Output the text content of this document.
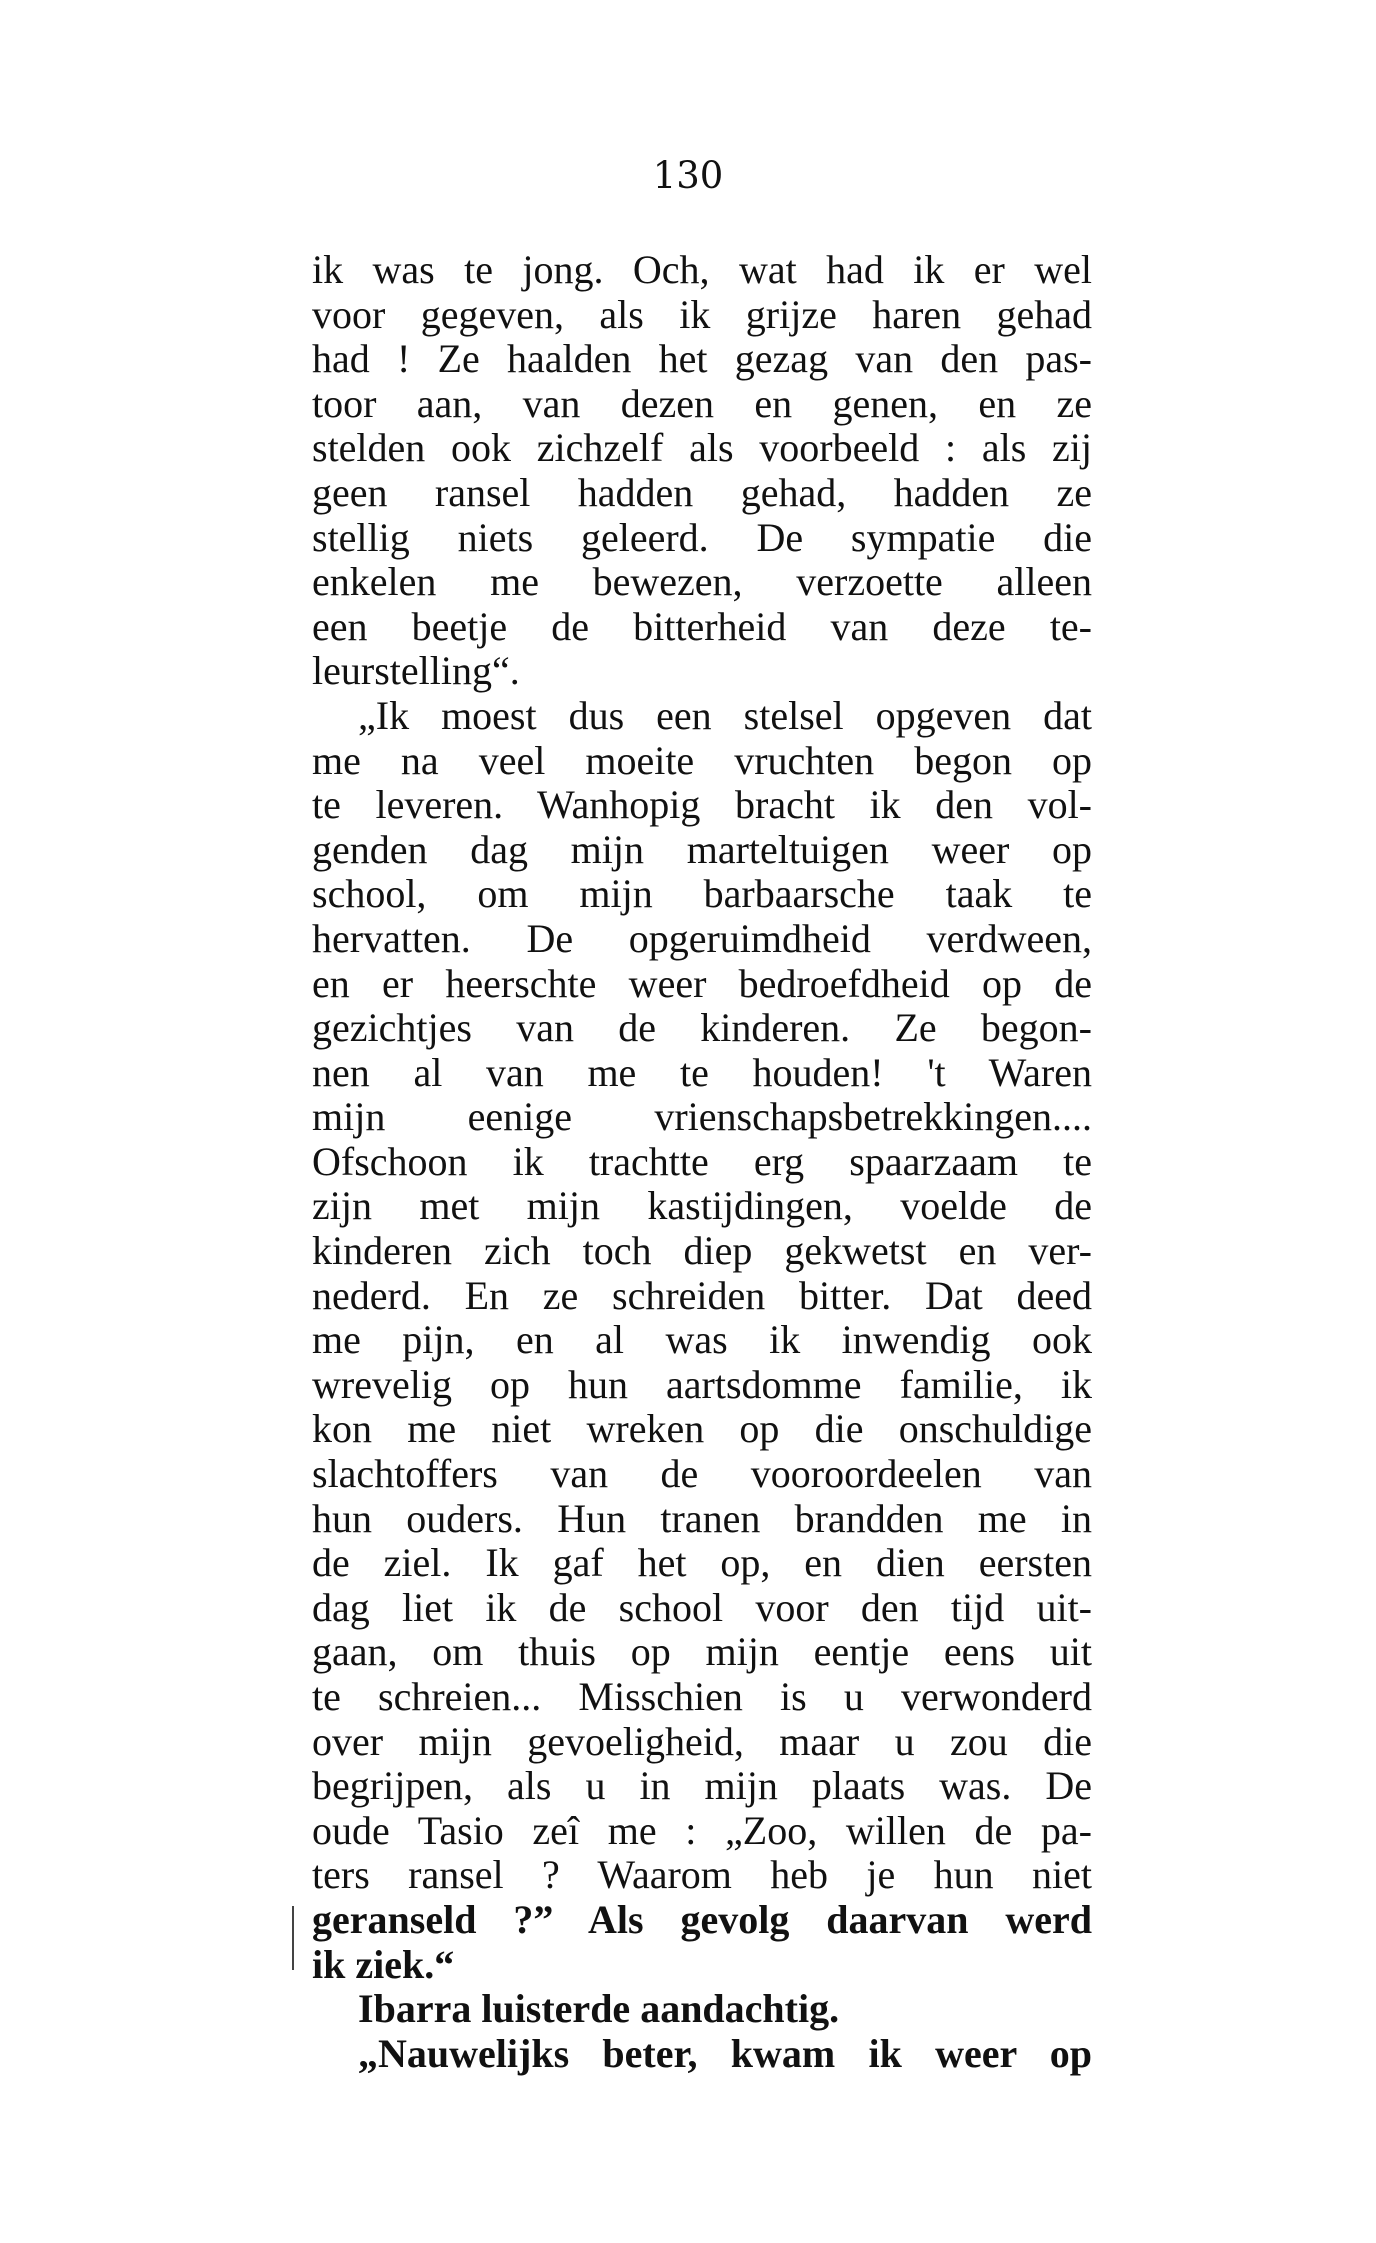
130
ik was te jong. Och, wat had ik er wel
voor gegeven, als ik grijze haren gehad
had ! Ze haalden het gezag van den pas-
toor aan, van dezen en genen, en ze
stelden ook zichzelf als voorbeeld : als zij
geen ransel hadden gehad, hadden ze
stellig niets geleerd. De sympatie die
enkelen me bewezen, verzoette alleen
een beetje de bitterheid van deze te-
leurstelling“.
„Ik moest dus een stelsel opgeven dat
me na veel moeite vruchten begon op
te leveren. Wanhopig bracht ik den vol-
genden dag mijn marteltuigen weer op
school, om mijn barbaarsche taak te
hervatten. De opgeruimdheid verdween,
en er heerschte weer bedroefdheid op de
gezichtjes van de kinderen. Ze begon-
nen al van me te houden! 't Waren
mijn eenige vrienschapsbetrekkingen....
Ofschoon ik trachtte erg spaarzaam te
zijn met mijn kastijdingen, voelde de
kinderen zich toch diep gekwetst en ver-
nederd. En ze schreiden bitter. Dat deed
me pijn, en al was ik inwendig ook
wrevelig op hun aartsdomme familie, ik
kon me niet wreken op die onschuldige
slachtoffers van de vooroordeelen van
hun ouders. Hun tranen brandden me in
de ziel. Ik gaf het op, en dien eersten
dag liet ik de school voor den tijd uit-
gaan, om thuis op mijn eentje eens uit
te schreien... Misschien is u verwonderd
over mijn gevoeligheid, maar u zou die
begrijpen, als u in mijn plaats was. De
oude Tasio zeî me : „Zoo, willen de pa-
ters ransel ? Waarom heb je hun niet
geranseld ?” Als gevolg daarvan werd
ik ziek.“
Ibarra luisterde aandachtig.
„Nauwelijks beter, kwam ik weer op
